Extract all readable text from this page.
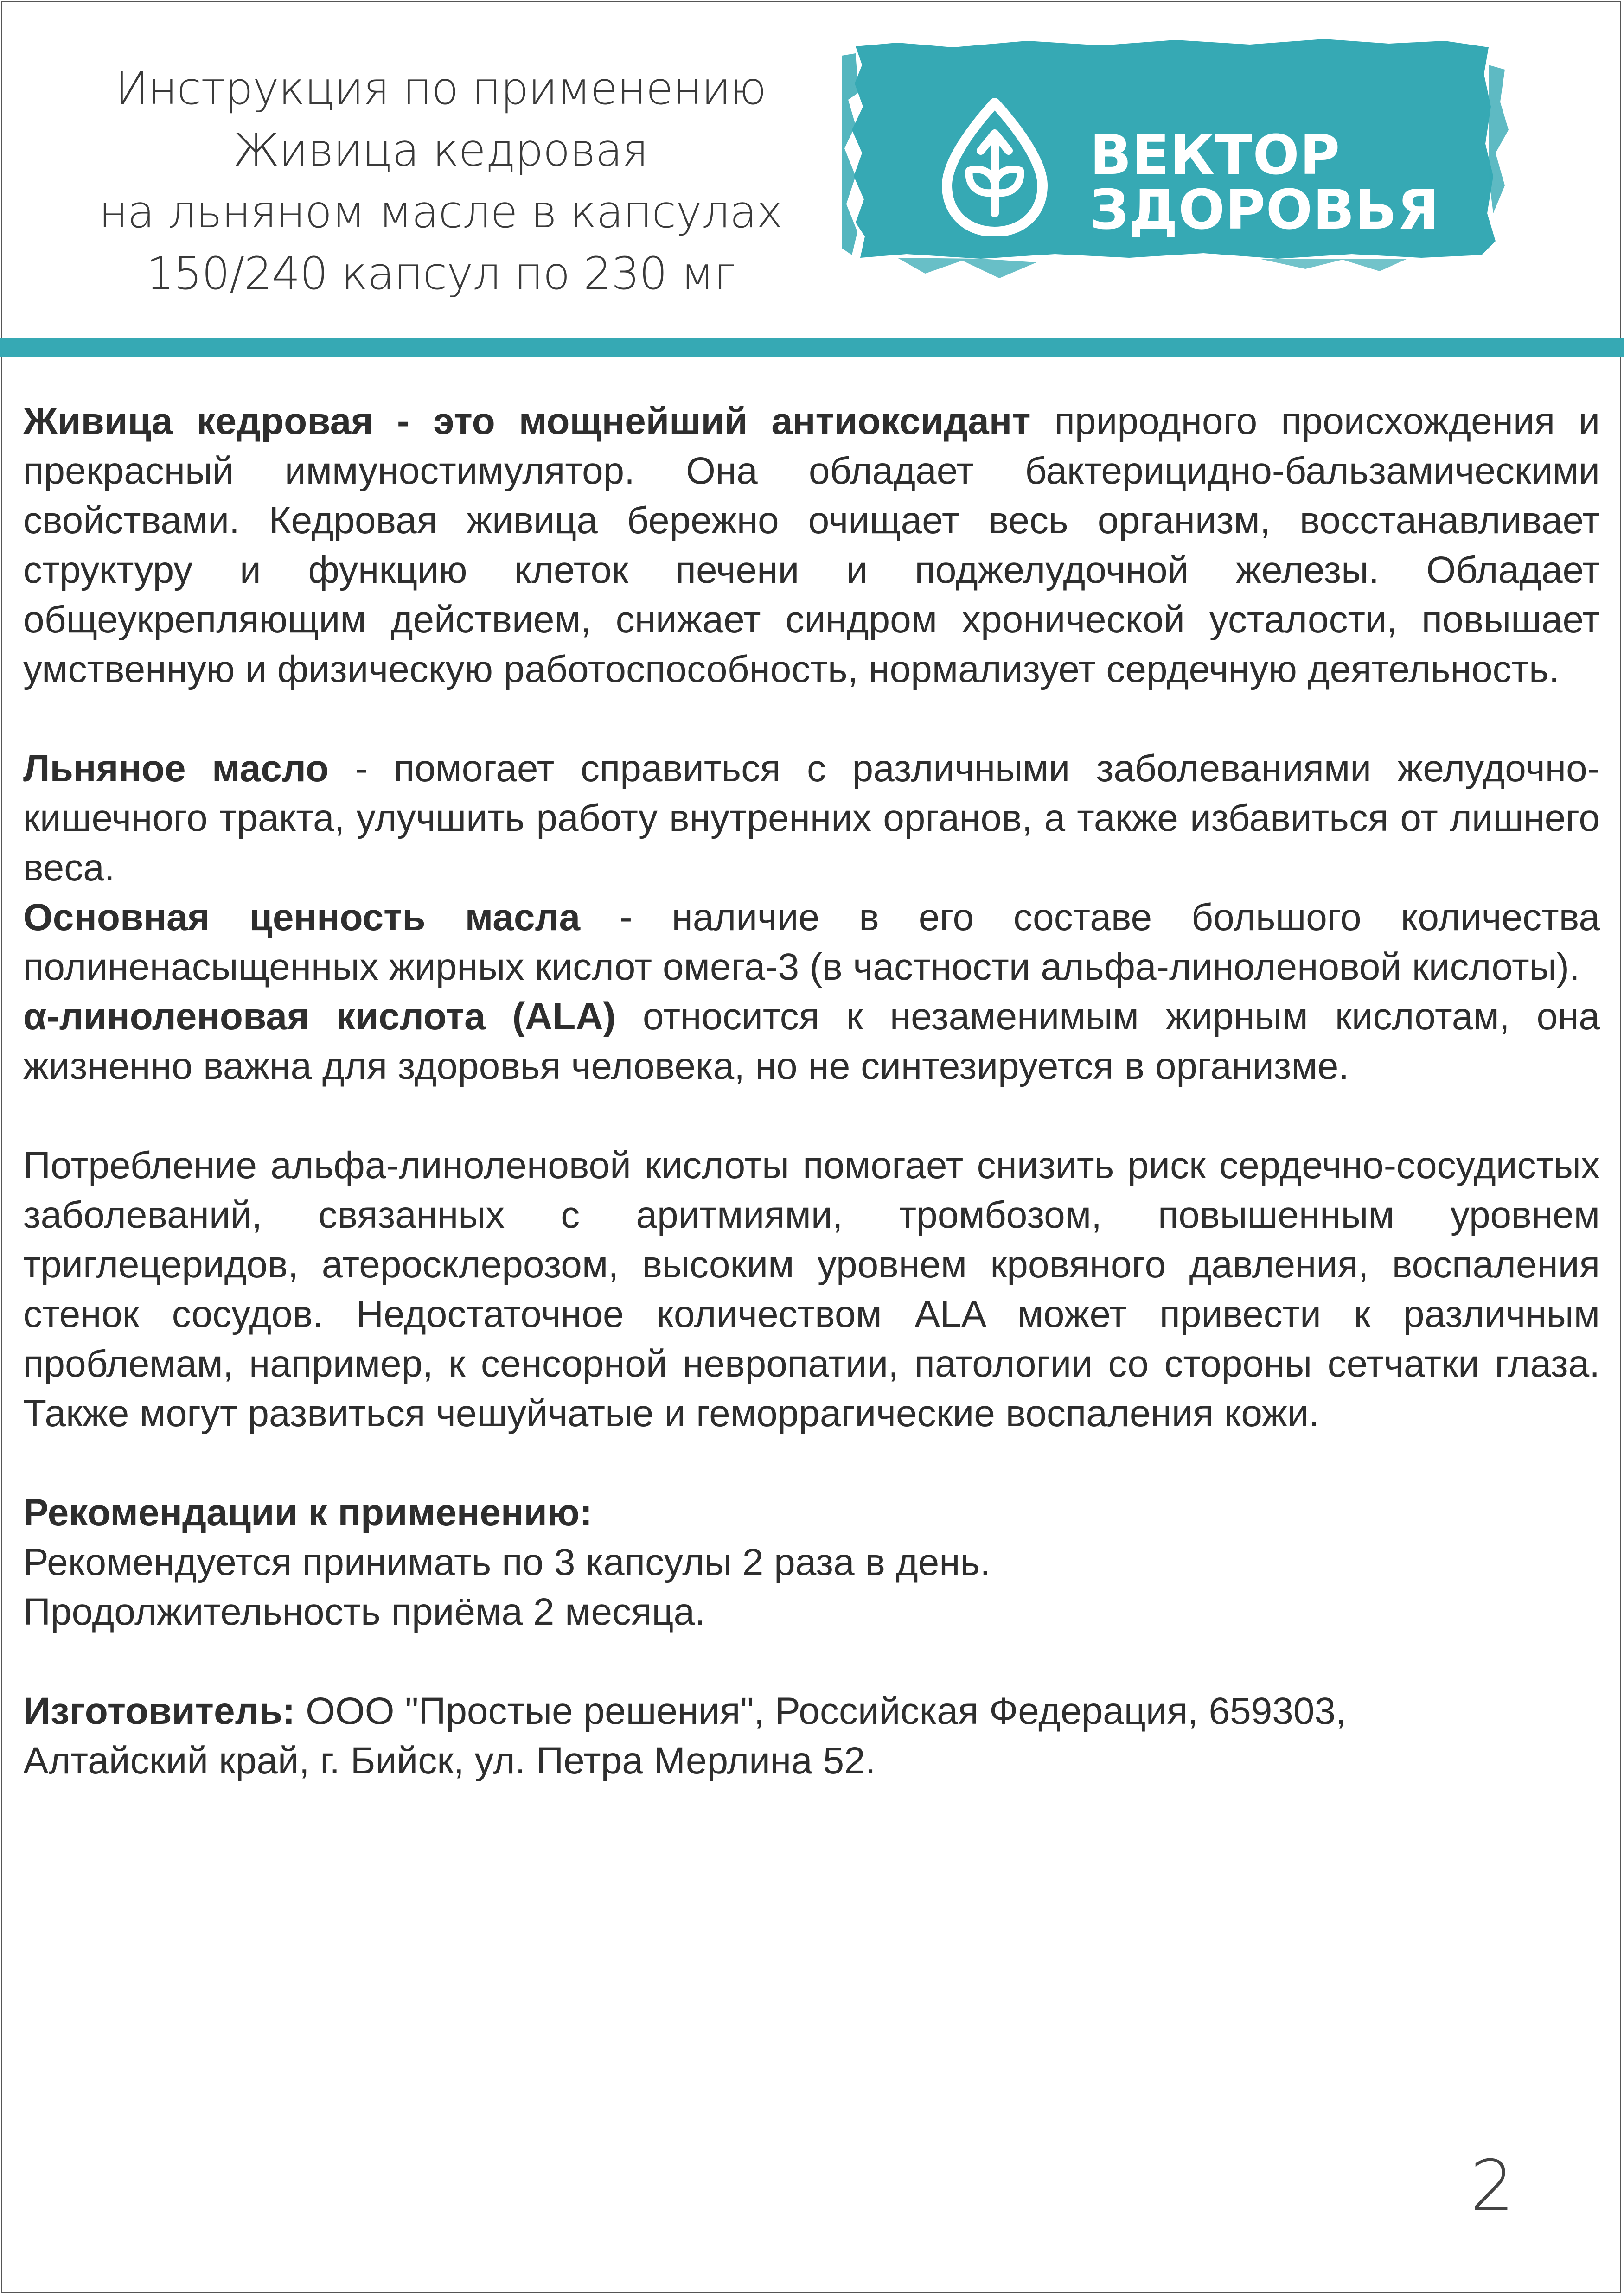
Инструкция по применению
Живица кедровая
на льняном масле в капсулах
150/240 капсул по 230 мг
ВЕКТОР
ЗДОРОВЬЯ

Живица кедровая - это мощнейший антиоксидант природного происхождения и прекрасный иммуностимулятор. Она обладает бактерицидно-бальзамическими свойствами. Кедровая живица бережно очищает весь организм, восстанавливает структуру и функцию клеток печени и поджелудочной железы. Обладает общеукрепляющим действием, снижает синдром хронической усталости, повышает умственную и физическую работоспособность, нормализует сердечную деятельность.

Льняное масло - помогает справиться с различными заболеваниями желудочно-кишечного тракта, улучшить работу внутренних органов, а также избавиться от лишнего веса.

Основная ценность масла - наличие в его составе большого количества полиненасыщенных жирных кислот омега-3 (в частности альфа-линоленовой кислоты).

α-линоленовая кислота (ALA) относится к незаменимым жирным кислотам, она жизненно важна для здоровья человека, но не синтезируется в организме.

Потребление альфа-линоленовой кислоты помогает снизить риск сердечно-сосудистых заболеваний, связанных с аритмиями, тромбозом, повышенным уровнем триглецеридов, атеросклерозом, высоким уровнем кровяного давления, воспаления стенок сосудов. Недостаточное количеством ALA может привести к различным проблемам, например, к сенсорной невропатии, патологии со стороны сетчатки глаза. Также могут развиться чешуйчатые и геморрагические воспаления кожи.

Рекомендации к применению:
Рекомендуется принимать по 3 капсулы 2 раза в день.
Продолжительность приёма 2 месяца.

Изготовитель: ООО "Простые решения", Российская Федерация, 659303,
Алтайский край, г. Бийск, ул. Петра Мерлина 52.

2
